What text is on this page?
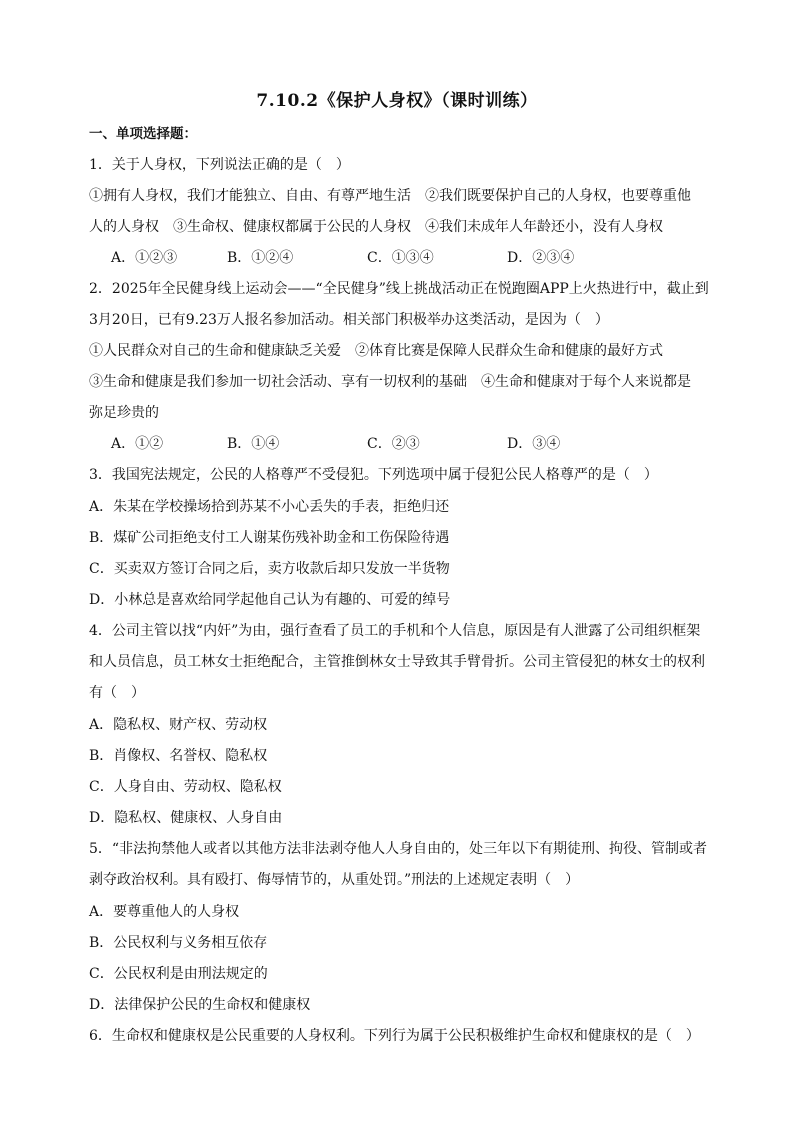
7.10.2《保护人身权》（课时训练）
一、单项选择题：
1．关于人身权，下列说法正确的是（　）
①拥有人身权，我们才能独立、自由、有尊严地生活　②我们既要保护自己的人身权，也要尊重他
人的人身权　③生命权、健康权都属于公民的人身权　④我们未成年人年龄还小，没有人身权
A．①②③	B．①②④	C．①③④	D．②③④
2．2025年全民健身线上运动会——“全民健身”线上挑战活动正在悦跑圈APP上火热进行中，截止到
3月20日，已有9.23万人报名参加活动。相关部门积极举办这类活动，是因为（　）
①人民群众对自己的生命和健康缺乏关爱　②体育比赛是保障人民群众生命和健康的最好方式
③生命和健康是我们参加一切社会活动、享有一切权利的基础　④生命和健康对于每个人来说都是
弥足珍贵的
A．①②	B．①④	C．②③	D．③④
3．我国宪法规定，公民的人格尊严不受侵犯。下列选项中属于侵犯公民人格尊严的是（　）
A．朱某在学校操场拾到苏某不小心丢失的手表，拒绝归还
B．煤矿公司拒绝支付工人谢某伤残补助金和工伤保险待遇
C．买卖双方签订合同之后，卖方收款后却只发放一半货物
D．小林总是喜欢给同学起他自己认为有趣的、可爱的绰号
4．公司主管以找“内奸”为由，强行查看了员工的手机和个人信息，原因是有人泄露了公司组织框架
和人员信息，员工林女士拒绝配合，主管推倒林女士导致其手臂骨折。公司主管侵犯的林女士的权利
有（　）
A．隐私权、财产权、劳动权
B．肖像权、名誉权、隐私权
C．人身自由、劳动权、隐私权
D．隐私权、健康权、人身自由
5．“非法拘禁他人或者以其他方法非法剥夺他人人身自由的，处三年以下有期徒刑、拘役、管制或者
剥夺政治权利。具有殴打、侮辱情节的，从重处罚。”刑法的上述规定表明（　）
A．要尊重他人的人身权
B．公民权利与义务相互依存
C．公民权利是由刑法规定的
D．法律保护公民的生命权和健康权
6．生命权和健康权是公民重要的人身权利。下列行为属于公民积极维护生命权和健康权的是（　）
